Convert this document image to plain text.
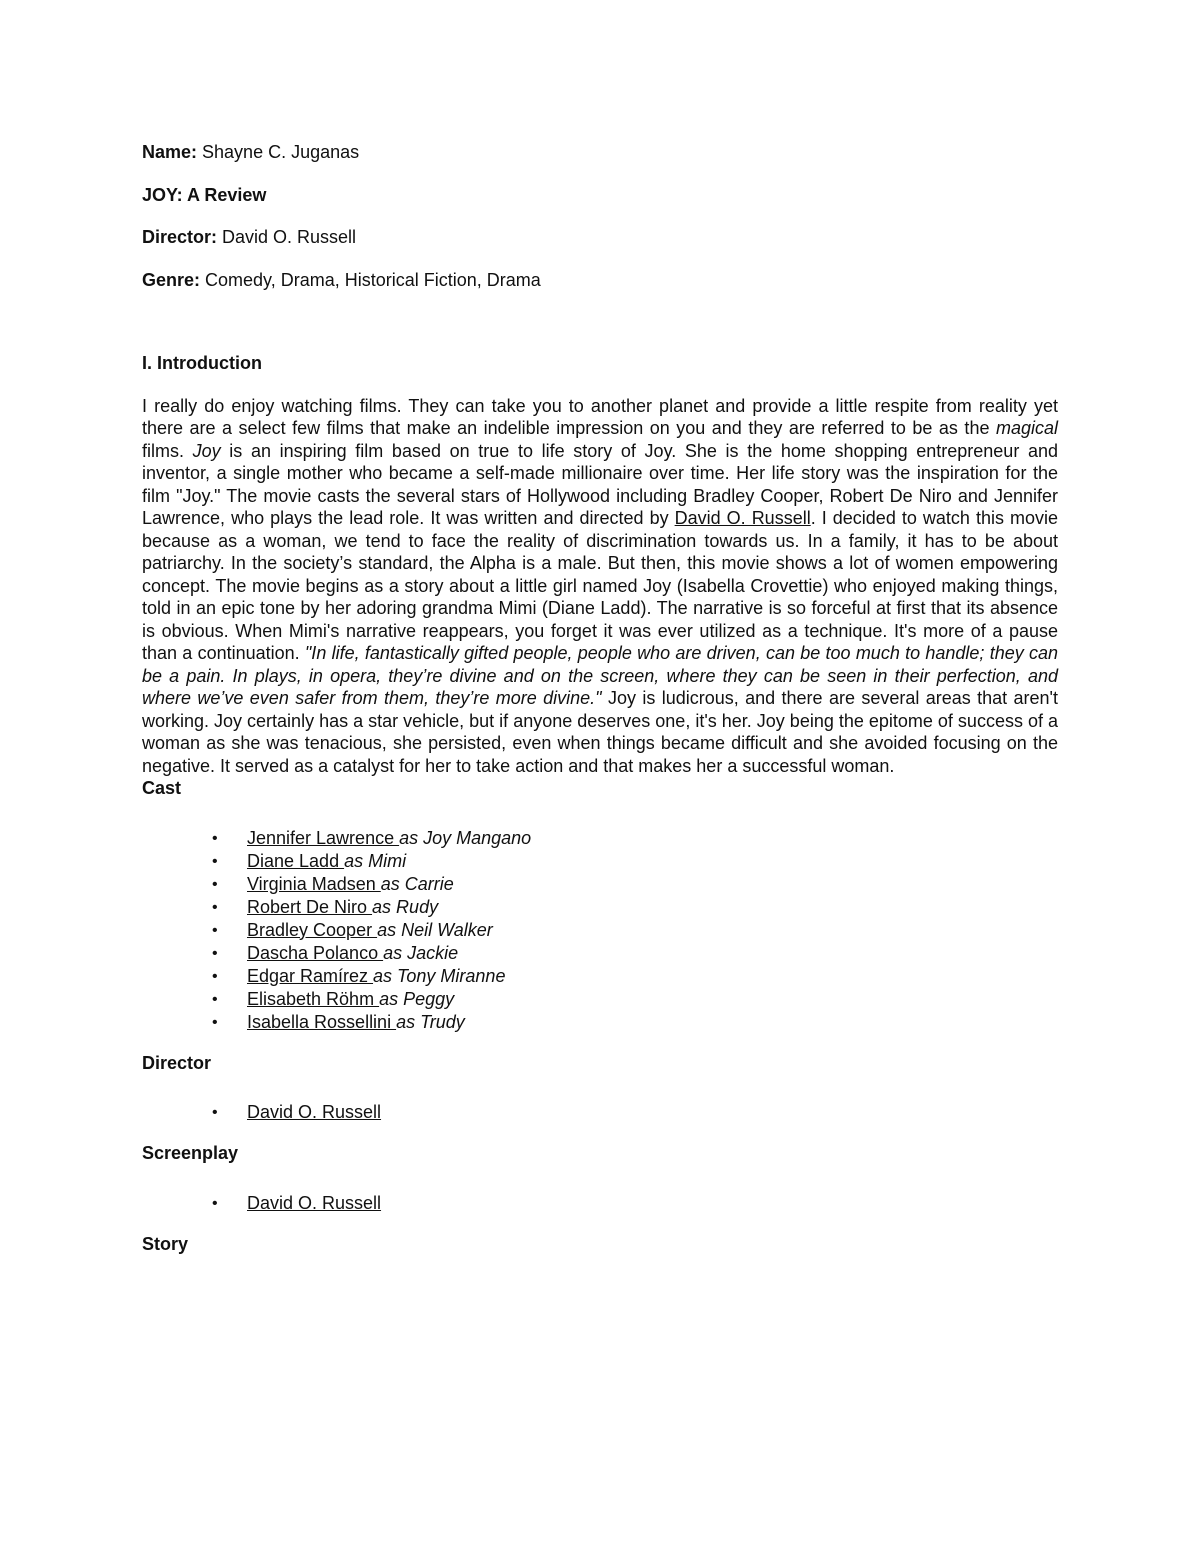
Name: Shayne C. Juganas
JOY: A Review
Director: David O. Russell
Genre: Comedy, Drama, Historical Fiction, Drama
I. Introduction

I really do enjoy watching films. They can take you to another planet and provide a little respite from reality yet there are a select few films that make an indelible impression on you and they are referred to be as the magical films. Joy is an inspiring film based on true to life story of Joy. She is the home shopping entrepreneur and inventor, a single mother who became a self-made millionaire over time. Her life story was the inspiration for the film "Joy." The movie casts the several stars of Hollywood including Bradley Cooper, Robert De Niro and Jennifer Lawrence, who plays the lead role. It was written and directed by David O. Russell. I decided to watch this movie because as a woman, we tend to face the reality of discrimination towards us. In a family, it has to be about patriarchy. In the society’s standard, the Alpha is a male. But then, this movie shows a lot of women empowering concept. The movie begins as a story about a little girl named Joy (Isabella Crovettie) who enjoyed making things, told in an epic tone by her adoring grandma Mimi (Diane Ladd). The narrative is so forceful at first that its absence is obvious. When Mimi's narrative reappears, you forget it was ever utilized as a technique. It's more of a pause than a continuation. "In life, fantastically gifted people, people who are driven, can be too much to handle; they can be a pain. In plays, in opera, they’re divine and on the screen, where they can be seen in their perfection, and where we’ve even safer from them, they’re more divine." Joy is ludicrous, and there are several areas that aren't working. Joy certainly has a star vehicle, but if anyone deserves one, it's her. Joy being the epitome of success of a woman as she was tenacious, she persisted, even when things became difficult and she avoided focusing on the negative. It served as a catalyst for her to take action and that makes her a successful woman.

Cast
• Jennifer Lawrence as Joy Mangano
• Diane Ladd as Mimi
• Virginia Madsen as Carrie
• Robert De Niro as Rudy
• Bradley Cooper as Neil Walker
• Dascha Polanco as Jackie
• Edgar Ramírez as Tony Miranne
• Elisabeth Röhm as Peggy
• Isabella Rossellini as Trudy
Director
• David O. Russell
Screenplay
• David O. Russell
Story
